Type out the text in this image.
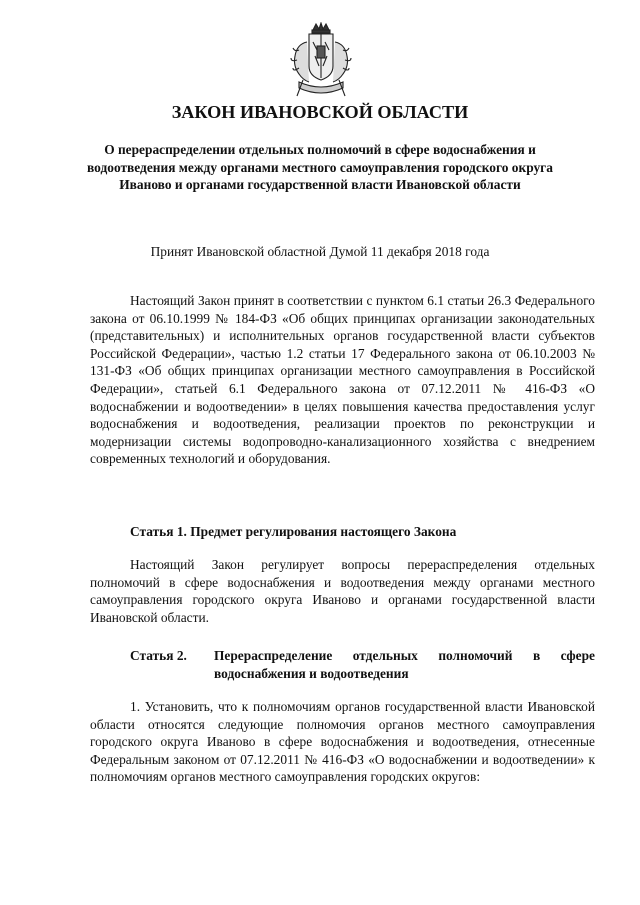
ЗАКОН ИВАНОВСКОЙ ОБЛАСТИ
О перераспределении отдельных полномочий в сфере водоснабжения и водоотведения между органами местного самоуправления городского округа Иваново и органами государственной власти Ивановской области
Принят Ивановской областной Думой 11 декабря 2018 года

Настоящий Закон принят в соответствии с пунктом 6.1 статьи 26.3 Федерального закона от 06.10.1999 № 184-ФЗ «Об общих принципах организации законодательных (представительных) и исполнительных органов государственной власти субъектов Российской Федерации», частью 1.2 статьи 17 Федерального закона от 06.10.2003 № 131-ФЗ «Об общих принципах организации местного самоуправления в Российской Федерации», статьей 6.1 Федерального закона от 07.12.2011 № 416-ФЗ «О водоснабжении и водоотведении» в целях повышения качества предоставления услуг водоснабжения и водоотведения, реализации проектов по реконструкции и модернизации системы водопроводно-канализационного хозяйства с внедрением современных технологий и оборудования.

Статья 1. Предмет регулирования настоящего Закона

Настоящий Закон регулирует вопросы перераспределения отдельных полномочий в сфере водоснабжения и водоотведения между органами местного самоуправления городского округа Иваново и органами государственной власти Ивановской области.

Статья 2.	Перераспределение отдельных полномочий в сфере водоснабжения и водоотведения

1. Установить, что к полномочиям органов государственной власти Ивановской области относятся следующие полномочия органов местного самоуправления городского округа Иваново в сфере водоснабжения и водоотведения, отнесенные Федеральным законом от 07.12.2011 № 416-ФЗ «О водоснабжении и водоотведении» к полномочиям органов местного самоуправления городских округов:
